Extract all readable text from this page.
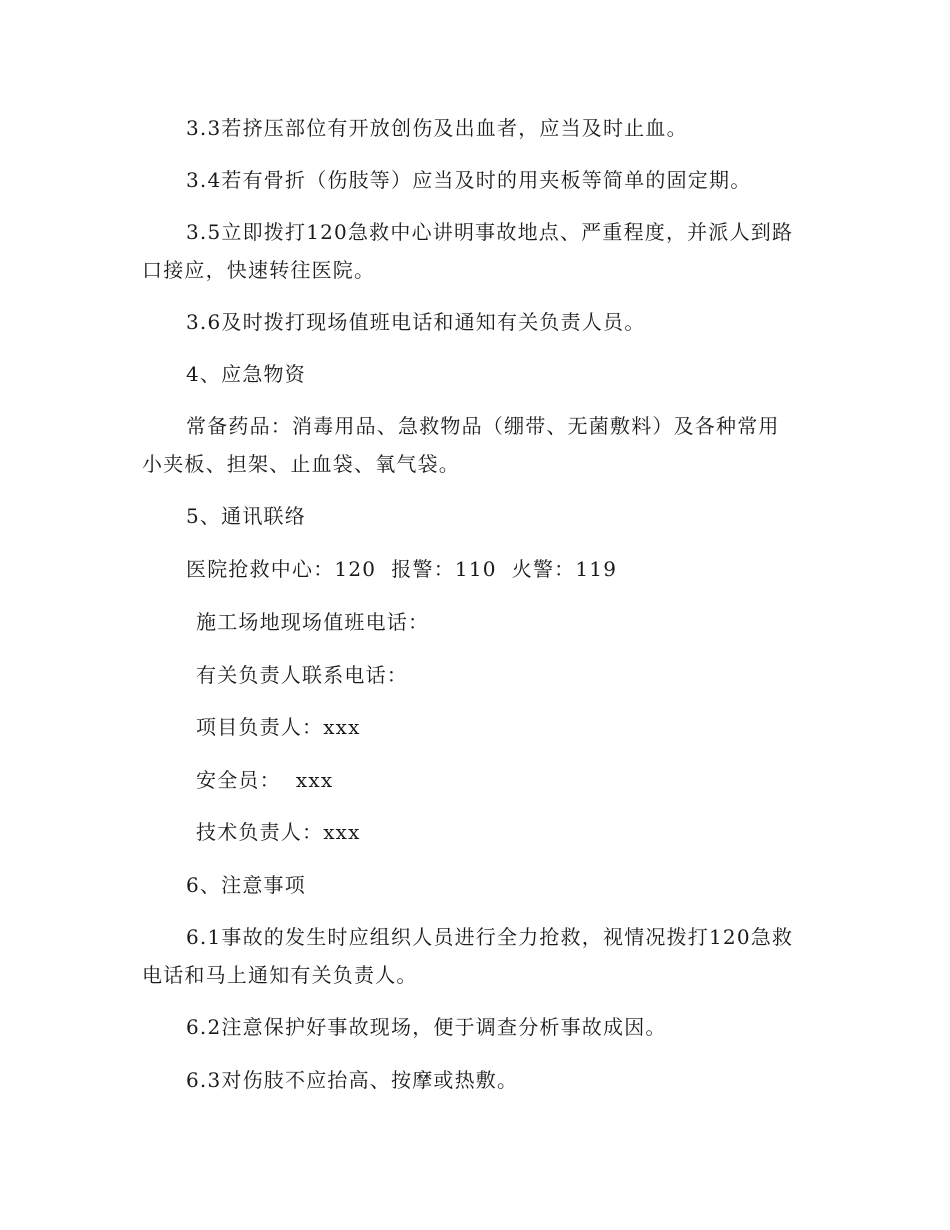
3.3若挤压部位有开放创伤及出血者，应当及时止血。
3.4若有骨折（伤肢等）应当及时的用夹板等简单的固定期。
3.5立即拨打120急救中心讲明事故地点、严重程度，并派人到路
口接应，快速转往医院。
3.6及时拨打现场值班电话和通知有关负责人员。
4、应急物资
常备药品：消毒用品、急救物品（绷带、无菌敷料）及各种常用
小夹板、担架、止血袋、氧气袋。
5、通讯联络
医院抢救中心：120  报警：110  火警：119
施工场地现场值班电话：
有关负责人联系电话：
项目负责人：xxx
安全员：  xxx
技术负责人：xxx
6、注意事项
6.1事故的发生时应组织人员进行全力抢救，视情况拨打120急救
电话和马上通知有关负责人。
6.2注意保护好事故现场，便于调查分析事故成因。
6.3对伤肢不应抬高、按摩或热敷。
